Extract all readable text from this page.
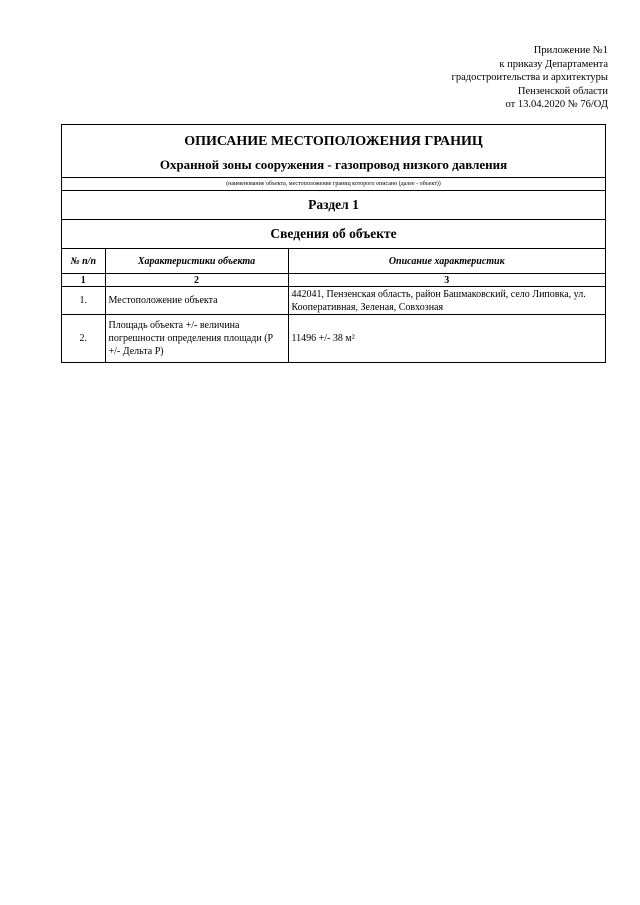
Приложение №1
к приказу Департамента
градостроительства и архитектуры
Пензенской области
от 13.04.2020 № 76/ОД
ОПИСАНИЕ МЕСТОПОЛОЖЕНИЯ ГРАНИЦ
Охранной зоны сооружения - газопровод низкого давления
(наименование объекта, местоположение границ которого описано (далее - объект))
Раздел 1
Сведения об объекте
№ п/п	Характеристики объекта	Описание характеристик
1	2	3
1.	Местоположение объекта	442041, Пензенская область, район Башмаковский, село Липовка, ул. Кооперативная, Зеленая, Совхозная
2.	Площадь объекта +/- величина погрешности определения площади (Р +/- Дельта Р)	11496 +/- 38 м²
